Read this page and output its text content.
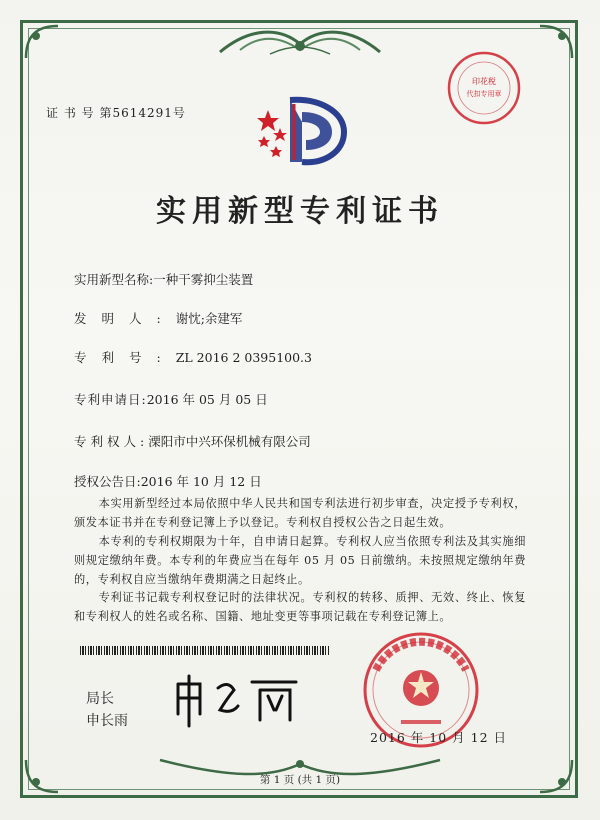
证 书 号 第5614291号
印花税
代扣专用章
实用新型专利证书
实用新型名称:一种干雾抑尘装置
发明人:谢忱;余建军
专利号:ZL 2016 2 0395100.3
专利申请日:2016 年 05 月 05 日
专利权人:溧阳市中兴环保机械有限公司
授权公告日:2016 年 10 月 12 日
本实用新型经过本局依照中华人民共和国专利法进行初步审查，决定授予专利权，颁发本证书并在专利登记簿上予以登记。专利权自授权公告之日起生效。
本专利的专利权期限为十年，自申请日起算。专利权人应当依照专利法及其实施细则规定缴纳年费。本专利的年费应当在每年 05 月 05 日前缴纳。未按照规定缴纳年费的，专利权自应当缴纳年费期满之日起终止。
专利证书记载专利权登记时的法律状况。专利权的转移、质押、无效、终止、恢复和专利权人的姓名或名称、国籍、地址变更等事项记载在专利登记簿上。
局长
申长雨
2016 年 10 月 12 日
第 1 页 (共 1 页)
